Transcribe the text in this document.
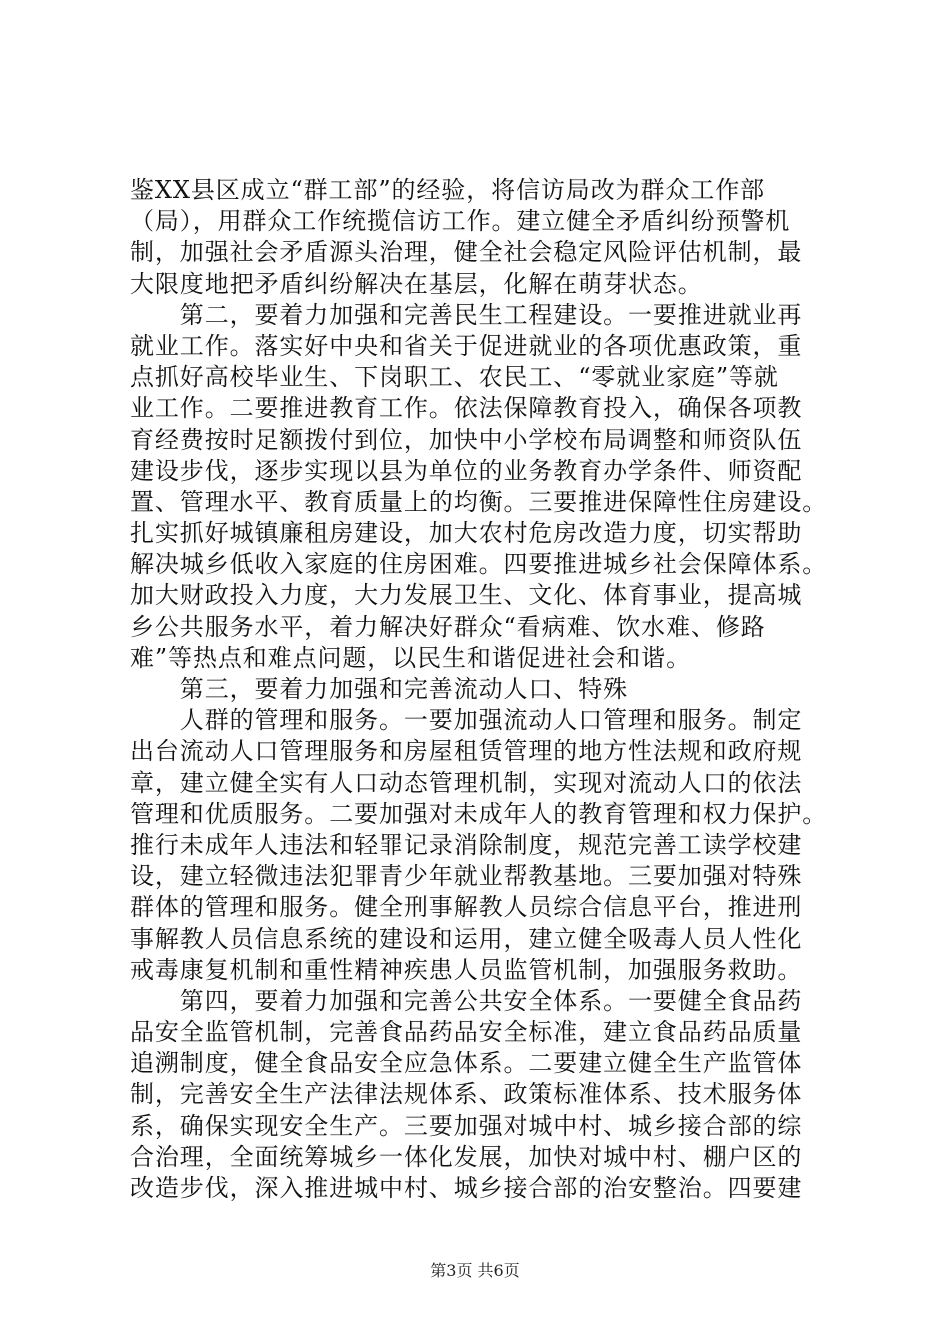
鉴XX县区成立“群工部”的经验，将信访局改为群众工作部
（局），用群众工作统揽信访工作。建立健全矛盾纠纷预警机
制，加强社会矛盾源头治理，健全社会稳定风险评估机制，最
大限度地把矛盾纠纷解决在基层，化解在萌芽状态。
　　第二，要着力加强和完善民生工程建设。一要推进就业再
就业工作。落实好中央和省关于促进就业的各项优惠政策，重
点抓好高校毕业生、下岗职工、农民工、“零就业家庭”等就
业工作。二要推进教育工作。依法保障教育投入，确保各项教
育经费按时足额拨付到位，加快中小学校布局调整和师资队伍
建设步伐，逐步实现以县为单位的业务教育办学条件、师资配
置、管理水平、教育质量上的均衡。三要推进保障性住房建设。
扎实抓好城镇廉租房建设，加大农村危房改造力度，切实帮助
解决城乡低收入家庭的住房困难。四要推进城乡社会保障体系。
加大财政投入力度，大力发展卫生、文化、体育事业，提高城
乡公共服务水平，着力解决好群众“看病难、饮水难、修路
难”等热点和难点问题，以民生和谐促进社会和谐。
　　第三，要着力加强和完善流动人口、特殊
　　人群的管理和服务。一要加强流动人口管理和服务。制定
出台流动人口管理服务和房屋租赁管理的地方性法规和政府规
章，建立健全实有人口动态管理机制，实现对流动人口的依法
管理和优质服务。二要加强对未成年人的教育管理和权力保护。
推行未成年人违法和轻罪记录消除制度，规范完善工读学校建
设，建立轻微违法犯罪青少年就业帮教基地。三要加强对特殊
群体的管理和服务。健全刑事解教人员综合信息平台，推进刑
事解教人员信息系统的建设和运用，建立健全吸毒人员人性化
戒毒康复机制和重性精神疾患人员监管机制，加强服务救助。
　　第四，要着力加强和完善公共安全体系。一要健全食品药
品安全监管机制，完善食品药品安全标准，建立食品药品质量
追溯制度，健全食品安全应急体系。二要建立健全生产监管体
制，完善安全生产法律法规体系、政策标准体系、技术服务体
系，确保实现安全生产。三要加强对城中村、城乡接合部的综
合治理，全面统筹城乡一体化发展，加快对城中村、棚户区的
改造步伐，深入推进城中村、城乡接合部的治安整治。四要建
第3页 共6页
